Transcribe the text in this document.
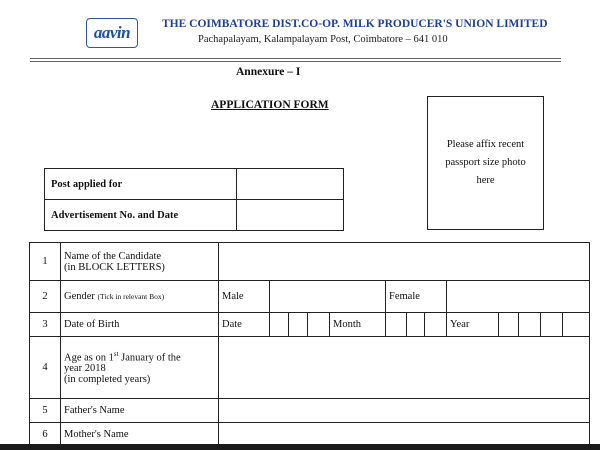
aavin	THE COIMBATORE DIST.CO-OP. MILK PRODUCER'S UNION LIMITED
Pachapalayam, Kalampalayam Post, Coimbatore – 641 010
Annexure – I
APPLICATION FORM
Please affix recent
passport size photo
here
Post applied for	
Advertisement No. and Date	
1	Name of the Candidate
(in BLOCK LETTERS)													

2	Gender (Tick in relevant Box)	Male					Female							
3	Date of Birth	Date				Month				Year				
4	Age as on 1st January of the
year 2018
(in completed years)													

5	Father's Name													
6	Mother's Name													
